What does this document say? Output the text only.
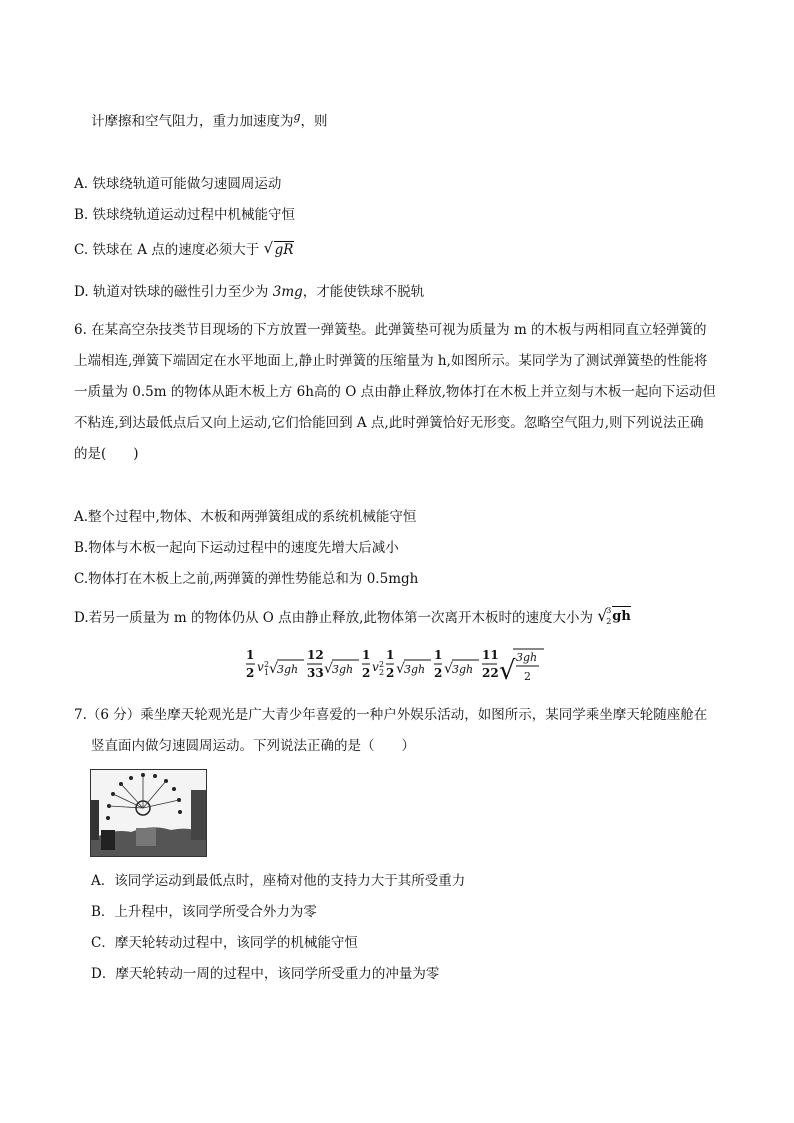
计摩擦和空气阻力，重力加速度为$^g$，则
A. 铁球绕轨道可能做匀速圆周运动
B. 铁球绕轨道运动过程中机械能守恒
C. 铁球在 A 点的速度必须大于 √ gR
D. 轨道对铁球的磁性引力至少为 3mg，才能使铁球不脱轨
6. 在某高空杂技类节目现场的下方放置一弹簧垫。此弹簧垫可视为质量为 m 的木板与两相同直立轻弹簧的
上端相连,弹簧下端固定在水平地面上,静止时弹簧的压缩量为 h,如图所示。某同学为了测试弹簧垫的性能将
一质量为 0.5m 的物体从距木板上方 6h高的 O 点由静止释放,物体打在木板上并立刻与木板一起向下运动但
不粘连,到达最低点后又向上运动,它们恰能回到 A 点,此时弹簧恰好无形变。忽略空气阻力,则下列说法正确
的是(　　)
A.整个过程中,物体、木板和两弹簧组成的系统机械能守恒
B.物体与木板一起向下运动过程中的速度先增大后减小
C.物体打在木板上之前,两弹簧的弹性势能总和为 0.5mgh
D.若另一质量为 m 的物体仍从 O 点由静止释放,此物体第一次离开木板时的速度大小为 √
3
2 gh
1
2 v 2
1 √ 3gh
12
33 √ 3gh
1
2 v 2
2
1
2 √ 3gh
1
2 √ 3gh
11
22 √ 3gh
2
7.（6 分）乘坐摩天轮观光是广大青少年喜爱的一种户外娱乐活动，如图所示，某同学乘坐摩天轮随座舱在
竖直面内做匀速圆周运动。下列说法正确的是（　　）
A．该同学运动到最低点时，座椅对他的支持力大于其所受重力
B．上升程中，该同学所受合外力为零
C．摩天轮转动过程中，该同学的机械能守恒
D．摩天轮转动一周的过程中，该同学所受重力的冲量为零
